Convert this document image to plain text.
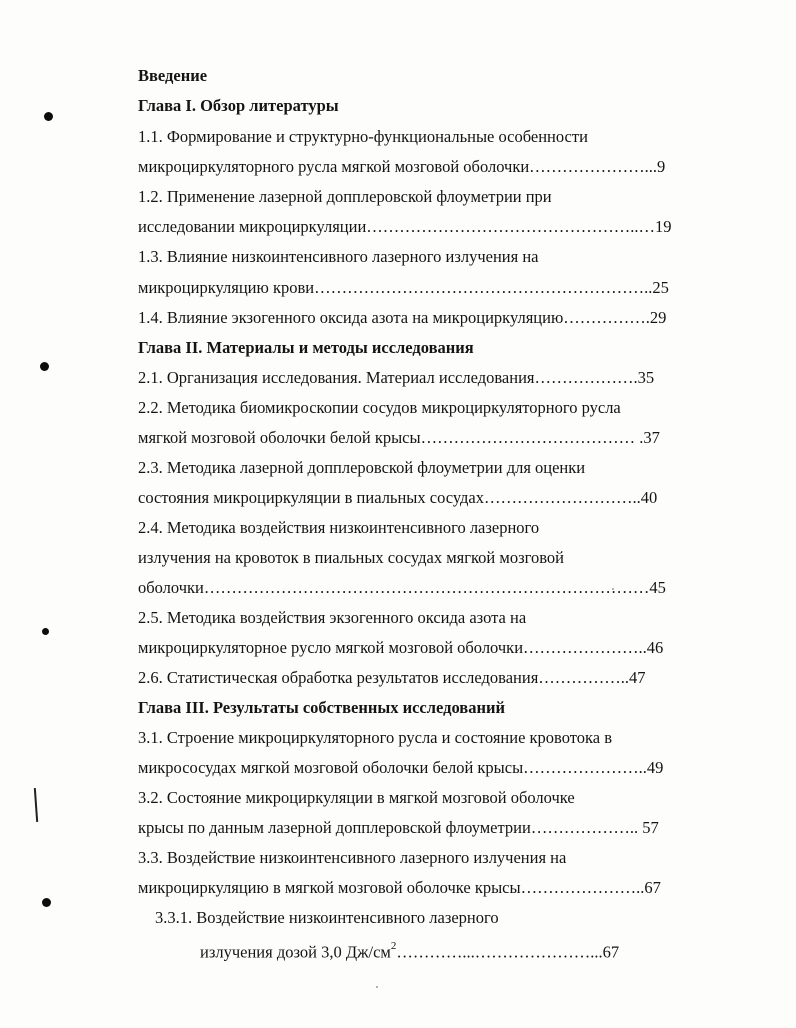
Введение
Глава I. Обзор литературы
1.1. Формирование и структурно-функциональные особенности
микроциркуляторного русла мягкой мозговой оболочки…………………...9
1.2. Применение лазерной допплеровской флоуметрии при
исследовании микроциркуляции…………………………………………..…19
1.3. Влияние низкоинтенсивного лазерного излучения на
микроциркуляцию крови……………………………………………………..25
1.4. Влияние экзогенного оксида азота на микроциркуляцию…………….29
Глава II. Материалы и методы исследования
2.1. Организация исследования. Материал исследования……………….35
2.2. Методика биомикроскопии сосудов микроциркуляторного русла
мягкой мозговой оболочки белой крысы………………………………… .37
2.3. Методика лазерной допплеровской флоуметрии для оценки
состояния микроциркуляции в пиальных сосудах………………………..40
2.4. Методика воздействия низкоинтенсивного лазерного
излучения на кровоток в пиальных сосудах мягкой мозговой
оболочки………………………………………………………………………45
2.5. Методика воздействия экзогенного оксида азота на
микроциркуляторное русло мягкой мозговой оболочки…………………..46
2.6. Статистическая обработка результатов исследования……………..47
Глава III. Результаты собственных исследований
3.1. Строение микроциркуляторного русла и состояние кровотока в
микрососудах мягкой мозговой оболочки белой крысы…………………..49
3.2. Состояние микроциркуляции в мягкой мозговой оболочке
крысы по данным лазерной допплеровской флоуметрии……………….. 57
3.3. Воздействие низкоинтенсивного лазерного излучения на
микроциркуляцию в мягкой мозговой оболочке крысы…………………..67
3.3.1. Воздействие низкоинтенсивного лазерного
излучения дозой 3,0 $Дж/см^2\dots\dots\dots\dots...\dots\dots\dots\dots\dots\dots\dots...67$
